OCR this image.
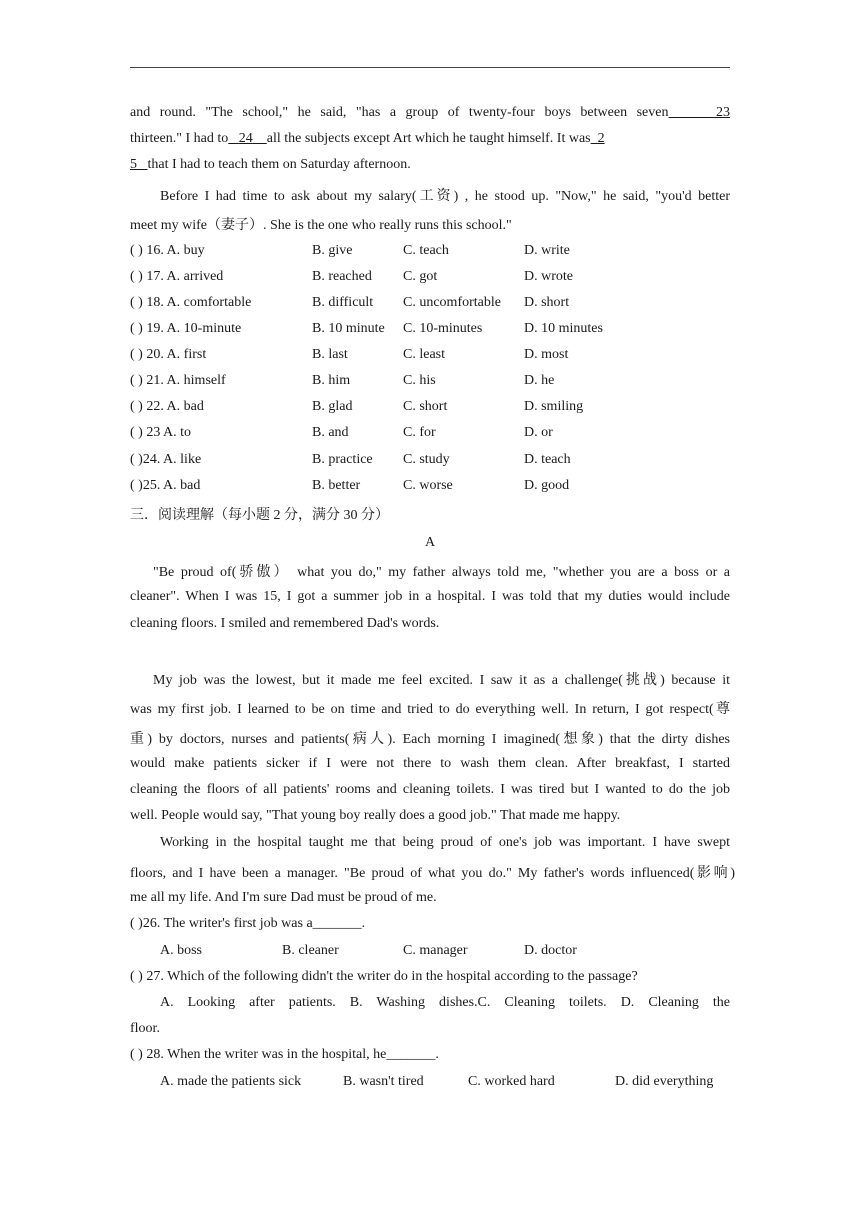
and round. "The school," he said, "has a group of twenty-four boys between seven	23
thirteen." I had to 24 all the subjects except Art which he taught himself. It was 2
5 that I had to teach them on Saturday afternoon.
Before I had time to ask about my salary(工资) , he stood up. "Now," he said, "you'd better
meet my wife（妻子）. She is the one who really runs this school."
( ) 16. A. buy	B. give	C. teach	D. write
( ) 17. A. arrived	B. reached C. got	D. wrote
( ) 18. A. comfortable	B. difficult C. uncomfortable D. short
( ) 19. A. 10-minute	B. 10 minute C. 10-minutes	D. 10 minutes
( ) 20. A. first	B. last	C. least	D. most
( ) 21. A. himself	B. him	C. his	D. he
( ) 22. A. bad	B. glad	C. short	D. smiling
( ) 23 A. to	B. and	C. for	D. or
( )24. A. like	B. practice C. study	D. teach
( )25. A. bad	B. better	C. worse	D. good
三．阅读理解（每小题 2 分，满分 30 分）
A
"Be proud of(骄傲） what you do," my father always told me, "whether you are a boss or a
cleaner". When I was 15, I got a summer job in a hospital. I was told that my duties would include
cleaning floors. I smiled and remembered Dad's words.
My job was the lowest, but it made me feel excited. I saw it as a challenge(挑战) because it
was my first job. I learned to be on time and tried to do everything well. In return, I got respect(尊
重) by doctors, nurses and patients(病人). Each morning I imagined(想象) that the dirty dishes
would make patients sicker if I were not there to wash them clean. After breakfast, I started
cleaning the floors of all patients' rooms and cleaning toilets. I was tired but I wanted to do the job
well. People would say, "That young boy really does a good job." That made me happy.
Working in the hospital taught me that being proud of one's job was important. I have swept
floors, and I have been a manager. "Be proud of what you do." My father's words influenced(影响)
me all my life. And I'm sure Dad must be proud of me.
( )26. The writer's first job was a_______.
A. boss	B. cleaner	C. manager	D. doctor
( ) 27. Which of the following didn't the writer do in the hospital according to the passage?
A. Looking after patients. B. Washing dishes.C. Cleaning toilets. D. Cleaning the
floor.
( ) 28. When the writer was in the hospital, he_______.
A. made the patients sick	B. wasn't tired	C. worked hard	D. did everything
